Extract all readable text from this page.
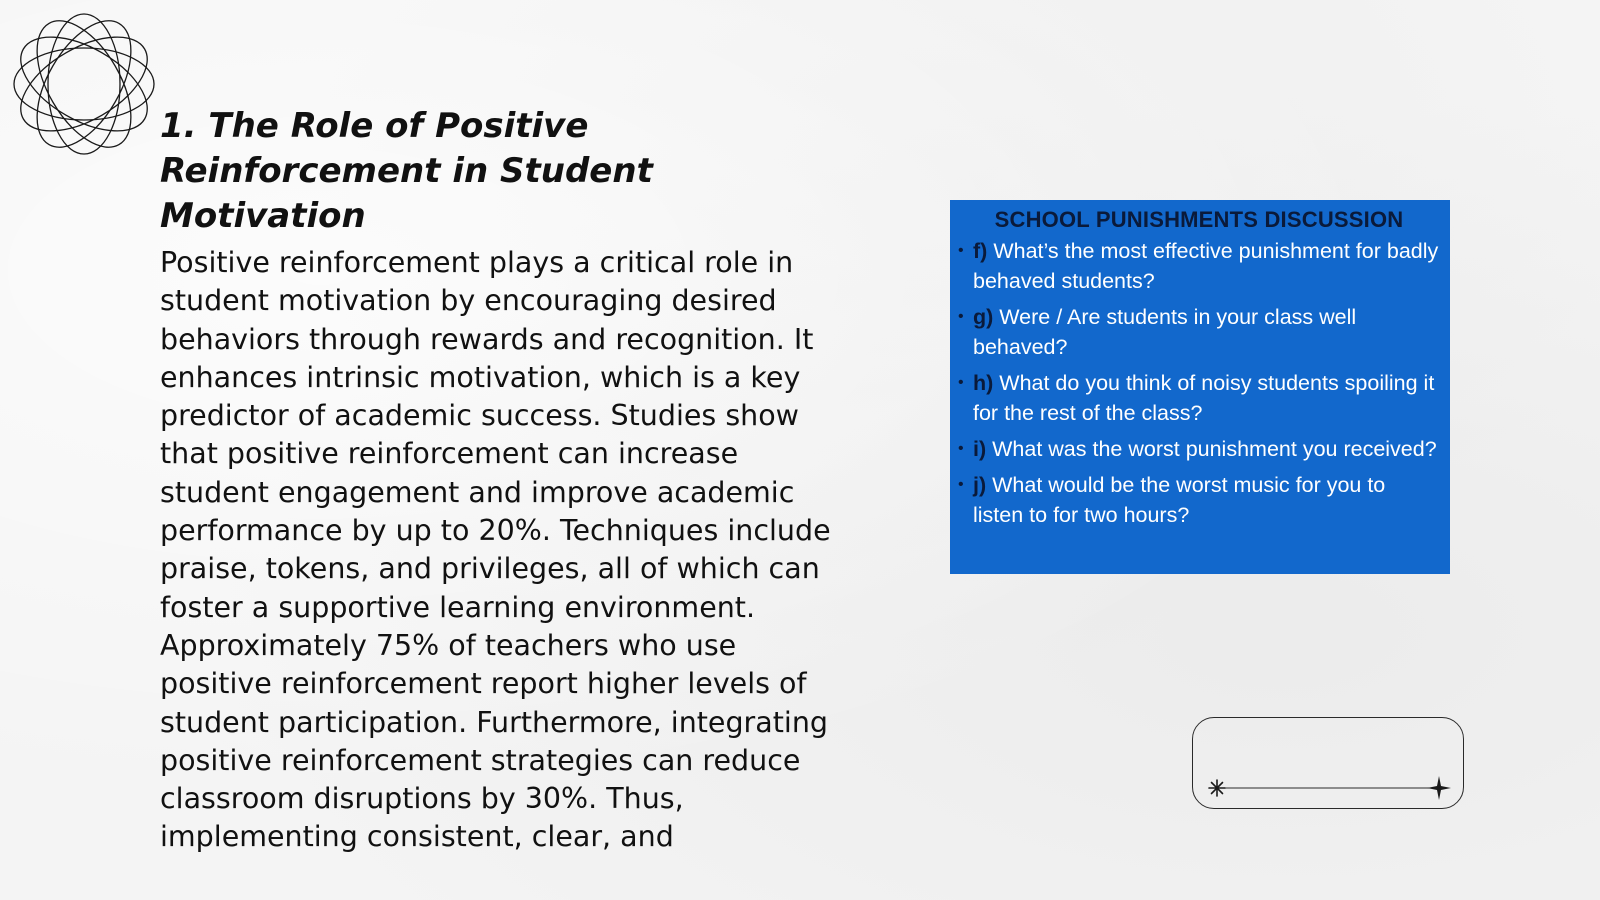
1. The Role of Positive Reinforcement in Student Motivation

Positive reinforcement plays a critical role in student motivation by encouraging desired behaviors through rewards and recognition. It enhances intrinsic motivation, which is a key predictor of academic success. Studies show that positive reinforcement can increase student engagement and improve academic performance by up to 20%. Techniques include praise, tokens, and privileges, all of which can foster a supportive learning environment. Approximately 75% of teachers who use positive reinforcement report higher levels of student participation. Furthermore, integrating positive reinforcement strategies can reduce classroom disruptions by 30%. Thus, implementing consistent, clear, and

SCHOOL PUNISHMENTS DISCUSSION
• f) What’s the most effective punishment for badly behaved students?
• g) Were / Are students in your class well behaved?
• h) What do you think of noisy students spoiling it for the rest of the class?
• i) What was the worst punishment you received?
• j) What would be the worst music for you to listen to for two hours?
